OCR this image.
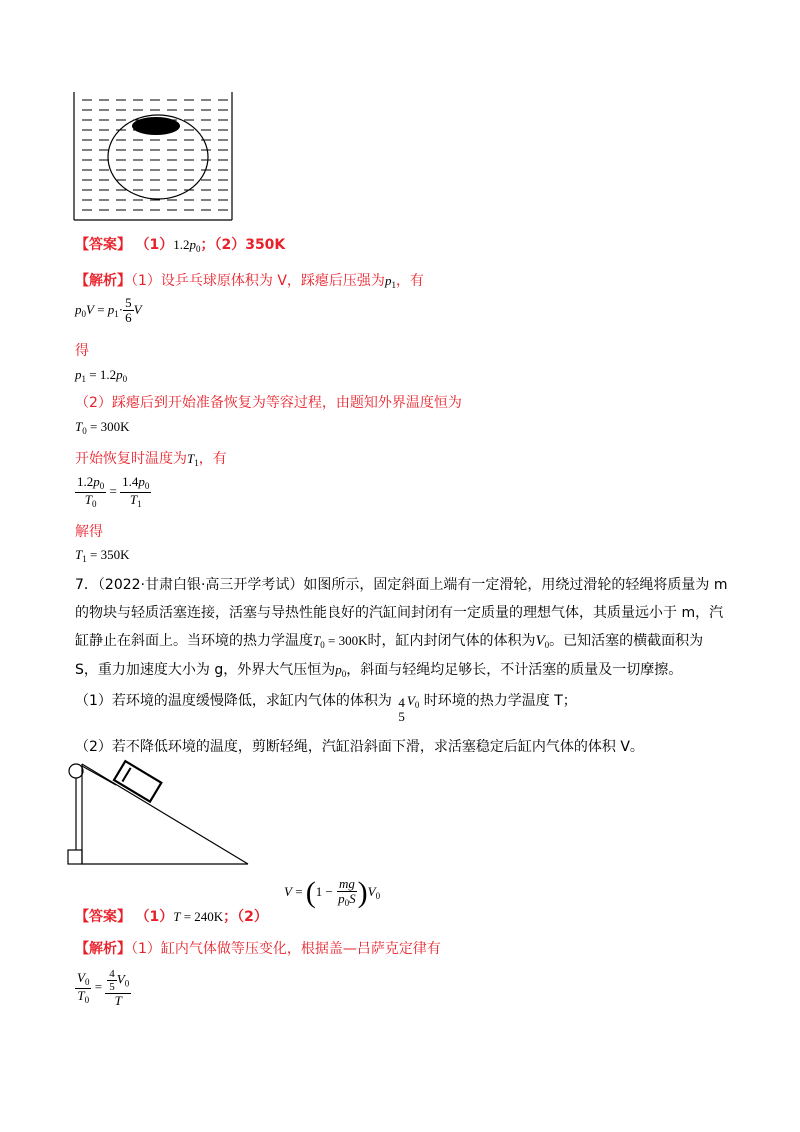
【答案】 $(1)1.2p_0$；（2）350K
【解析】（1）设乒乓球原体积为 V，踩瘪后压强为$p_1$，有
$p_0V = p_1\cdot \frac{5}{6}$ V
得
$p_1 = 1.2p_0$
（2）踩瘪后到开始准备恢复为等容过程，由题知外界温度恒为
$T_0 = 300K$
开始恢复时温度为$T_1$，有
$\frac{1.2p_0}{T_0} = \frac{1.4p_0}{T_1}$
解得
$T_1 = 350K$
7．（2022·甘肃白银·高三开学考试）如图所示，固定斜面上端有一定滑轮，用绕过滑轮的轻绳将质量为 m
的物块与轻质活塞连接，活塞与导热性能良好的汽缸间封闭有一定质量的理想气体，其质量远小于 m，汽
缸静止在斜面上。当环境的热力学温度$T_0 = 300K$时，缸内封闭气体的体积为$V_0$。已知活塞的横截面积为
S，重力加速度大小为 g，外界大气压恒为$p_0$，斜面与轻绳均足够长，不计活塞的质量及一切摩擦。
（1）若环境的温度缓慢降低，求缸内气体的体积为 4
5
$V_0$ 时环境的热力学温度 T；
（2）若不降低环境的温度，剪断轻绳，汽缸沿斜面下滑，求活塞稳定后缸内气体的体积 V。
【答案】 （1）T = 240K；（2）
$V = (1 - \frac{mg}{p_0S} )V_0$
【解析】（1）缸内气体做等压变化，根据盖—吕萨克定律有
$\frac{V_0}{T_0} = \frac{\frac{4}{5} V_0}{T}$
